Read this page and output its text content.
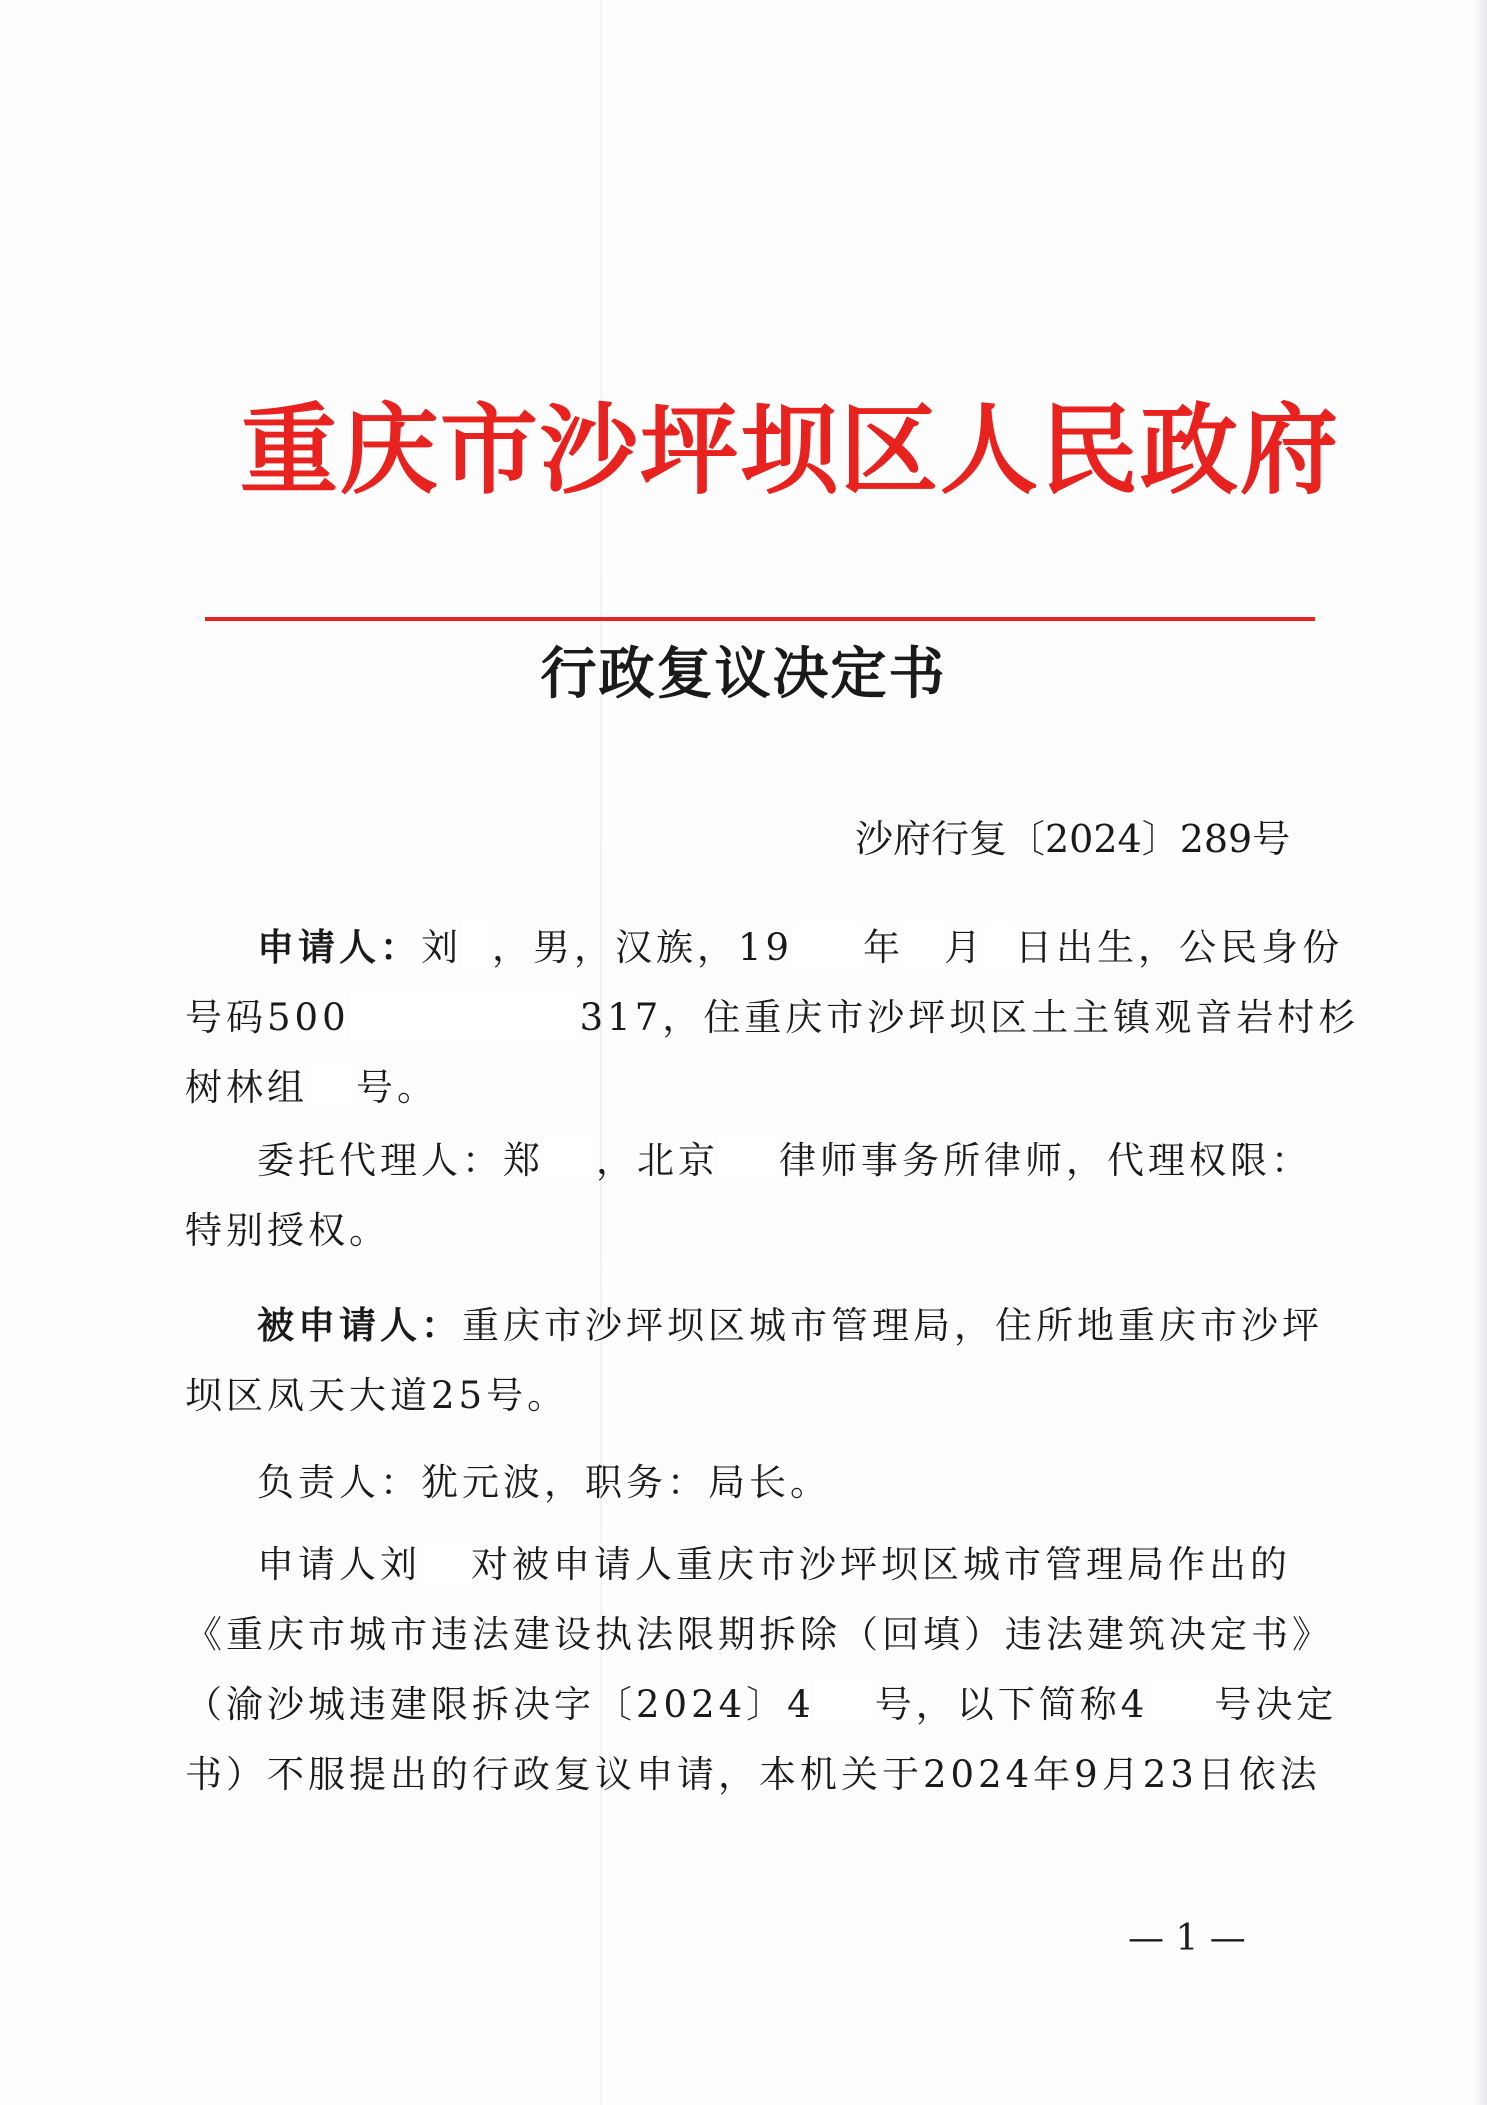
重庆市沙坪坝区人民政府
行政复议决定书
沙府行复〔2024〕289号
申请人：刘 ，男，汉族，19 年 月 日出生，公民身份
号码500	317，住重庆市沙坪坝区土主镇观音岩村杉
树林组 号。
委托代理人：郑 ，北京 律师事务所律师，代理权限：
特别授权。
被申请人：重庆市沙坪坝区城市管理局，住所地重庆市沙坪
坝区凤天大道25号。
负责人：犹元波，职务：局长。
申请人刘 对被申请人重庆市沙坪坝区城市管理局作出的
《重庆市城市违法建设执法限期拆除（回填）违法建筑决定书》
（渝沙城违建限拆决字〔2024〕4 号，以下简称4 号决定
书）不服提出的行政复议申请，本机关于2024年9月23日依法
— 1 —
